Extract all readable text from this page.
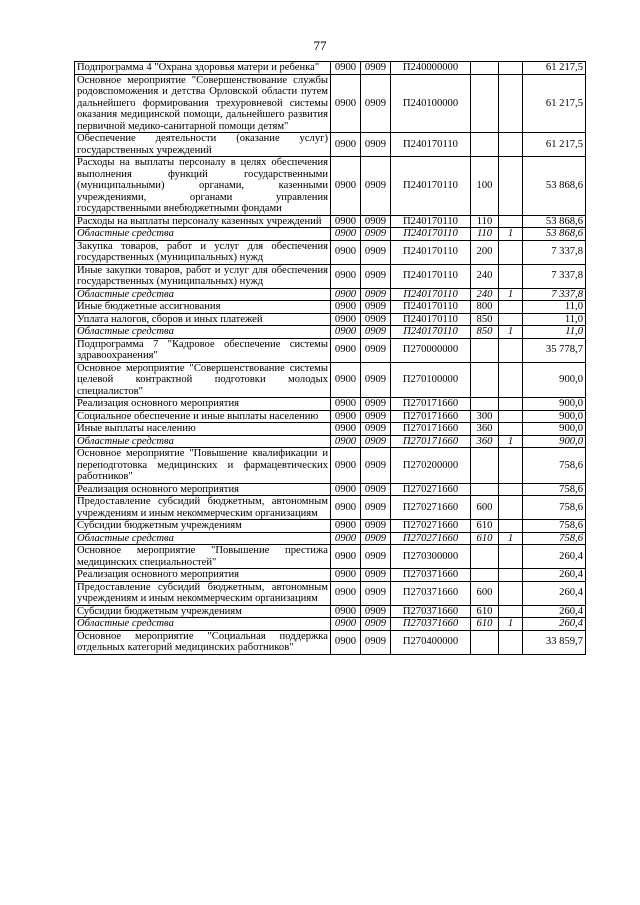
77
Подпрограмма 4 "Охрана здоровья матери и ребенка"	0900	0909	П240000000			61 217,5
Основное мероприятие "Совершенствование службы родовспоможения и детства Орловской области путем дальнейшего формирования трехуровневой системы оказания медицинской помощи, дальнейшего развития первичной медико-санитарной помощи детям"	0900	0909	П240100000			61 217,5
Обеспечение деятельности (оказание услуг) государственных учреждений	0900	0909	П240170110			61 217,5
Расходы на выплаты персоналу в целях обеспечения выполнения функций государственными (муниципальными) органами, казенными учреждениями, органами управления государственными внебюджетными фондами	0900	0909	П240170110	100		53 868,6
Расходы на выплаты персоналу казенных учреждений	0900	0909	П240170110	110		53 868,6
Областные средства	0900	0909	П240170110	110	1	53 868,6
Закупка товаров, работ и услуг для обеспечения государственных (муниципальных) нужд	0900	0909	П240170110	200		7 337,8
Иные закупки товаров, работ и услуг для обеспечения государственных (муниципальных) нужд	0900	0909	П240170110	240		7 337,8
Областные средства	0900	0909	П240170110	240	1	7 337,8
Иные бюджетные ассигнования	0900	0909	П240170110	800		11,0
Уплата налогов, сборов и иных платежей	0900	0909	П240170110	850		11,0
Областные средства	0900	0909	П240170110	850	1	11,0
Подпрограмма 7 "Кадровое обеспечение системы здравоохранения"	0900	0909	П270000000			35 778,7
Основное мероприятие "Совершенствование системы целевой контрактной подготовки молодых специалистов"	0900	0909	П270100000			900,0
Реализация основного мероприятия	0900	0909	П270171660			900,0
Социальное обеспечение и иные выплаты населению	0900	0909	П270171660	300		900,0
Иные выплаты населению	0900	0909	П270171660	360		900,0
Областные средства	0900	0909	П270171660	360	1	900,0
Основное мероприятие "Повышение квалификации и переподготовка медицинских и фармацевтических работников"	0900	0909	П270200000			758,6
Реализация основного мероприятия	0900	0909	П270271660			758,6
Предоставление субсидий бюджетным, автономным учреждениям и иным некоммерческим организациям	0900	0909	П270271660	600		758,6
Субсидии бюджетным учреждениям	0900	0909	П270271660	610		758,6
Областные средства	0900	0909	П270271660	610	1	758,6
Основное мероприятие "Повышение престижа медицинских специальностей"	0900	0909	П270300000			260,4
Реализация основного мероприятия	0900	0909	П270371660			260,4
Предоставление субсидий бюджетным, автономным учреждениям и иным некоммерческим организациям	0900	0909	П270371660	600		260,4
Субсидии бюджетным учреждениям	0900	0909	П270371660	610		260,4
Областные средства	0900	0909	П270371660	610	1	260,4
Основное мероприятие "Социальная поддержка отдельных категорий медицинских работников"	0900	0909	П270400000			33 859,7
